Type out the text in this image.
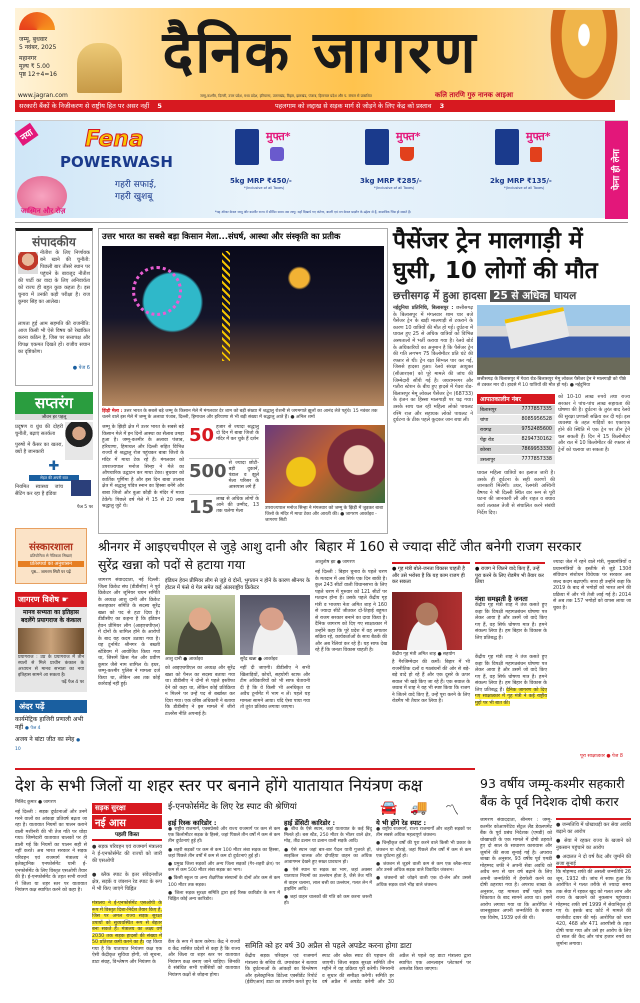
जम्मू, बुधवार
5 नवंबर, 2025
महानगर
मूल्य ₹ 5.00
पृष्ठ 12+4=16
www.jagran.com
दैनिक जागरण
जम्मू-कश्मीर, दिल्ली, उत्तर प्रदेश, मध्य प्रदेश, हरियाणा, उत्तराखंड, बिहार, झारखंड, पंजाब, हिमाचल प्रदेश और प. बंगाल से प्रकाशित	कलि तारणि गुरु नानक आइआ
सरकारी बैंकों के निजीकरण से राष्ट्रीय हित पर असर नहीं 5	पहलगाम को लद्दाख से सड़क मार्ग से जोड़ने के लिए केंद्र को प्रस्ताव 3
नया Fena
POWERWASH
जास्मिन और रोज़
गहरी सफाई,
गहरी खुशबू
मुफ्त*
5kg MRP ₹450/-
*(Inclusive of all Taxes)
मुफ्त*
3kg MRP ₹285/-
*(Inclusive of all Taxes)
मुफ्त*
2kg MRP ₹135/-
*(Inclusive of all Taxes)
*यह ऑफर केवल जम्मू और कश्मीर राज्य में सीमित समय तक लागू। यहाँ दिखाये गए कंटेनर, बाल्टी एवं मग केवल प्रदर्शन के उद्देश्य से हैं, वास्तविक भिन्न हो सकते हैं।
फेना ही लेना
संपादकीय
नीतीश के लिए निर्णायक बने खाने की चुनौती: पिछली बार तीसरे स्थान पर पहुंचने के बावजूद नीतीश की पार्टी का वादा के लिए अनिवार्यता को राज्य ही बहुत कुछ कहता है। इस चुनाव में उनकी कड़ी परीक्षा है। राज कुमार सिंह का आलेख।
लापता हुई आम सहमति की राजनीति: आज किसी भी ऐसे विषय को रेखांकित करना कठिन है, जिस पर सत्तापक्ष और विपक्ष एकमत दिखते हों। राजीव सचान का दृष्टिकोण।
● पेज 6
सप्तरंग
जीवन हर पहलू
प्रदूषण व धुंध की दोहरी चुनौती, बढ़ाएं सतर्कता
पुरुषों में कैंसर का खतरा, क्यों है जानकारी
✚
सेहत की अपनी बात
नियमित स्वास्थ्य जांच सैटिंग कर रहा है इंडिया
पेज 5 पर
संस्कारशाला
प्रतियोगिता से नैतिकता सिखाएं
प्रतिस्पर्धा का अनुशासन
पृष्ठ... जागरण सिटी पर पढ़ें
जागरण विशेष ☛
मानव सभ्यता का इतिहास बदलेंगे प्रयागराज के कंकाल
प्रयागराज : उप्र के प्रयागराज में तीन स्थलों से मिले प्राचीन कंकाल के अध्ययन से मानव सभ्यता का नया इतिहास सामने आ सकता है।
पढ़ें पेज 4 पर
अंदर पढ़ें
कार्यमेट्रिक हाजिरी प्रणाली अभी नहीं ● पेज 4
अजय ने बांटा जीत का स्नेह ● 10
उत्तर भारत का सबसे बड़ा किसान मेला...संघर्ष, आस्था और संस्कृति का प्रतीक
झिड़ी मेला : उत्तर भारत के सबसे बड़े जम्मू के किसान मेले में मंगलवार देर शाम को बड़ी संख्या में श्रद्धालु रोशनी से जगमगाते झूलों का आनंद लेते पहुंचे। 15 नवंबर तक चलने वाले इस मेले में जम्मू के अलावा पंजाब, दिल्ली, हिमाचल और हरियाणा से भी बड़ी संख्या में श्रद्धालु आते हैं। ● अनिल शर्मा
जम्मू के झिड़ी क्षेत्र में उत्तर भारत के सबसे बड़े किसान मेले में इन दिनों आस्था का सैलाब उमड़ा हुआ है। जम्मू-कश्मीर के अलावा पंजाब, हरियाणा, हिमाचल और दिल्ली सहित विभिन्न राज्यों से श्रद्धालु रोज पहुंचकर बाबा जित्तो के मंदिर में माथा टेक रहे हैं। मंगलवार को उपराज्यपाल मनोज सिन्हा ने मेले का औपचारिक उद्घाटन कर माथा टेका। बुधवार को कार्तिक पूर्णिमा है और इस दिन बाबा तालाब क्षेत्र में श्रद्धालु पवित्र स्नान का हिस्सा बनेंगे और बाबा जित्तो और बुआ कौड़ी के मंदिर में माथा टेकेंगे। पिछले वर्ष मेले में 15 से 20 लाख श्रद्धालु जुटे थे।
50 हजार से ज्यादा श्रद्धालु दो दिन में बाबा जित्तो के मंदिर में कर चुके हैं दर्शन
500 से ज्यादा छोटी-बड़ी दुकानें, पंडाल व झूले मेला परिसर के आसपास लगे हैं
15 लाख से अधिक लोगों के आने की उम्मीद, 13 तक चलेगा मेला
उपराज्यपाल मनोज सिन्हा ने मंगलवार को जम्मू के झिड़ी में जुड़कर बाबा जित्तो के मंदिर में माथा टेका और आरती की। ● जागरण आर्काइव - जागरण सिटी
पैसेंजर ट्रेन मालगाड़ी में घुसी, 10 लोगों की मौत
छत्तीसगढ़ में हुआ हादसा 25 से अधिक घायल
नईदुनिया प्रतिनिधि, बिलासपुर : छत्तीसगढ़ के बिलासपुर में मंगलवार शाम चार बजे पैसेंजर ट्रेन के खड़ी मालगाड़ी से टकराने के कारण 10 यात्रियों की मौत हो गई। दुर्घटना में घायल हुए 25 से अधिक यात्रियों को विभिन्न अस्पतालों में भर्ती कराया गया है। रेलवे बोर्ड के अधिकारियों का अनुमान है कि पैसेंजर ट्रेन की गति लगभग 75 किलोमीटर प्रति घंटे की रफ्तार से थी। ट्रेन रक्षा सिग्नल पार कर गई, जिससे हादसा हुआ। रेलवे संरक्षा आयुक्त (सीआरएस) को पूरे मामले की जांच की जिम्मेदारी सौंपी गई है। जयरामनगर और गतौरा स्टेशन के बीच हुए हादसे में गेवरा रोड-बिलासपुर मेमू लोकल पैसेंजर ट्रेन (68733) के इंजन का हिस्सा मालगाड़ी पर चढ़ गया। उसके साथ चल रही महिला लोको पायलट रश्मि राज और सहायक लोको पायलट ने दुर्घटना के ठीक पहले कूदकर जान बचा ली।
छत्तीसगढ़ के बिलासपुर में गेवरा रोड-बिलासपुर मेमू लोकल पैसेंजर ट्रेन ने मालगाड़ी को पीछे से टक्कर मार दी। हादसे में 10 यात्रियों की मौत हो गई। ● नईदुनिया
आपातकालीन नंबर
बिलासपुर	7777857335
चांपा	8085956528
रायगढ़	9752485600
पेंड्रा रोड	8294730162
कोरबा	7869953330
उसलापुर	7777857338
घायल महिला यात्रियों का इलाज जारी है। उसके ही दुर्घटना के सही कारणों की जानकारी मिलेगी। उधर, रेलमंत्री अश्विनी वैष्णव ने भी दिल्ली स्थित वार रूम से पूरी घटना की जानकारी ली और राहत व बचाव कार्य तत्काल तेजी से संचालित करने संबंधी निर्देश दिए।
को 10-10 लाख रुपये तथा राज्य सरकार ने पांच-पांच लाख सहायता की घोषणा की है। दुर्घटना के तुरंत बाद रेलवे की सुरक्षा प्रणाली सक्रिय कर दी गई। इस व्यवस्था के तहत गाड़ियों का एकाएक होने की स्थिति में एक ट्रेन पर तीन ट्रेनें चल सकती हैं। दिन में 15 किलोमीटर और रात में 10 किलोमीटर की रफ्तार से ट्रेनों को चलाया जा सकता है।
श्रीनगर में आइएचपीएल से जुड़े आशु दानी और सुरेंद्र खन्ना को पदों से हटाया गया
जागरण संवाददाता, नई दिल्ली: जिला क्रिकेट संघ (डीडीसीए) ने पूर्व क्रिकेटर और जूनियर चयन समिति के अध्यक्ष आशु दानी और क्रिकेट सलाहकार समिति के सदस्य सुरेंद्र खन्ना को पद से हटा दिया है। डीडीसीए का कहना है कि इंडियन हेवन प्रीमियर लीग (आइएचपीएल) में दोनों के शामिल होने के आरोपों के बाद यह कदम उठाया गया है। यह टूर्नामेंट श्रीनगर के बख्शी स्टेडियम में आयोजित किया गया था, जिसमें क्रिस गेल और प्रवीण कुमार जैसे नाम शामिल थे। इधर, जम्मू-कश्मीर पुलिस ने मामला दर्ज किया था, लेकिन अब तक कोई कार्रवाई नहीं हुई।
इंडियन हेवन प्रीमियर लीग से जुड़े थे दोनों, भुगतान न होने के कारण श्रीनगर के होटल में फंसे थे गेल समेत कई अंतरराष्ट्रीय क्रिकेटर
आशु दानी ● आर्काइव	सुरेंद्र खन्ना ● आर्काइव
को आइएचपीएल का अध्यक्ष और सुरेंद्र खन्ना को पैनल का सदस्य बताया गया था। डीडीसीए ने दोनों से पहले इस्तीफा देने को कहा था, लेकिन कोई प्रतिक्रिया न मिलने पर उन्हें पद से बर्खास्त कर दिया गया। एक वरिष्ठ अधिकारी ने बताया कि डीडीसीए ने इस मामले में जीरो टालरेंस नीति अपनाई है।
नहीं दी जाएगी। डीडीसीए ने सभी खिलाड़ियों, कोचों, सहयोगी स्टाफ और टीम अधिकारियों को भी साफ चेतावनी दी है कि वे किसी भी अनधिकृत या अवैध टूर्नामेंट में भाग न लें। पहले यह मामला सामने आया। यदि ऐसा पाया गया तो तुरंत प्रतिबंध लगाया जाएगा।
बिहार में 160 से ज्यादा सीटें जीत बनेगी राजग सरकार
आशुतोष झा ● जागरण
नई दिल्ली : बिहार चुनाव के पहले चरण के मतदान में अब सिर्फ एक दिन बाकी है। कुल 243 सीटों वाली विधानसभा के लिए पहले चरण में गुरुवार को 121 सीटों पर मतदान होना है। उसके पहले केंद्रीय गृह मंत्री व भाजपा नेता अमित शाह ने 160 से ज्यादा सीटें जीतकर दो-तिहाई बहुमत से राजग सरकार बनाने का दावा किया है। दैनिक जागरण को दिए गए साक्षात्कार में उन्होंने कहा कि पूरे प्रदेश में वह लगातार सक्रिय रहे, कार्यकर्ताओं के साथ बैठकें की और अब रैलियां कर रहे हैं। यह साफ देख रहे हैं कि जनता विकास चाहती है।
● गृह मंत्री बोले-जनता विकास चाहती है और उसे भरोसा है कि यह काम राजग ही कर सकता
● राजग ने जितने वादे किए हैं, उन्हें पूरा करने के लिए रोडमैप भी तैयार कर लिया
केंद्रीय गृह मंत्री अमित शाह ● सहयोग
मंशा समझती है जनता
केंद्रीय गृह मंत्री शाह ने तंज कसते हुए कहा कि विपक्षी महागठबंधन घोषणा पत्र लेकर आया है और उसमें जो वादे किए गए हैं, वह सिर्फ घोषणा मात्र है। हमने संकल्प लिया है। हम बिहार के विकास के लिए प्रतिबद्ध हैं।
है गैरजिम्मेदार की कर्मों। बिहार में भी राजनीतिक दलों व गठबंधनों की ओर से बड़े-बड़े वादे हो रहे हैं और एक दूसरे के ऊपर सवाल भी खड़े किए जा रहे हैं। एक सवाल के जवाब में शाह ने यह भी स्पष्ट किया कि राजग ने जितने वादे किए हैं, उन्हें पूरा करने के लिए रोडमैप भी तैयार कर लिया है।
केंद्रीय गृह मंत्री शाह ने तंज कसते हुए कहा कि विपक्षी महागठबंधन घोषणा पत्र लेकर आया है और उसमें जो वादे किए गए हैं, वह सिर्फ घोषणा मात्र है। हमने संकल्प लिया है। हम बिहार के विकास के लिए प्रतिबद्ध हैं। दैनिक जागरण को दिए गए साक्षात्कार में गृह मंत्री ने कई राष्ट्रीय मुद्दों पर भी बात की।
ज्यादा जेल में रहने वाले मंत्री, मुख्यमंत्रियों व प्रधानमंत्रियों के इस्तीफे से जुड़े 130वें संविधान संशोधन विधेयक पर सरकार अब जल्द कदम बढ़ाएगी। साथ ही उन्होंने कहा कि 2019 के बाद से भगोड़ों को भारत लाने की प्रक्रिया में और भी तेजी लाई गई है। 2014 से अब तक 157 भगोड़ों को वापस लाया जा चुका है।
पूरा साक्षात्कार ● पेज 8
देश के सभी जिलों या शहर स्तर पर बनाने होंगे यातायात नियंत्रण कक्ष
मिलिंद कुमार ● जागरण
नई दिल्ली : सड़क दुर्घटनाओं और उनमें मरने वालों का आंकड़ा प्रतिवर्ष बढ़ता जा रहा है। यातायात नियमों का पालन कराने वाली मशीनरी की भी तेज गति पर थोड़ा गया। जिम्मेदारी यातायात चालकों पर ही डाली गई कि नियमों का पालन सही से नहीं करते। अब भारत सरकार ने सड़क परिवहन एवं राजमार्ग मंत्रालय ने इलेक्ट्रानिक एनफोर्समेंट यानी ई-एनफोर्समेंट के लिए विस्तृत एसओपी तैयार की है। ई-एनफोर्समेंट के तहत सभी राज्यों में जिला या शहर स्तर पर यातायात नियंत्रण कक्ष स्थापित करने को कहा है।
सड़क सुरक्षा
नई आस
पहली किस्त
● सड़क परिवहन एवं राजमार्ग मंत्रालय ने ई-एनफोर्समेंट की राज्यों को जारी की एसओपी
● ब्लैक स्पाट के इतर संवेदनशील क्षेत्र, सड़कें व जंक्शन रेड स्पाट के रूप में भी किए जाएंगे चिह्नित
मंत्रालय ने ई-एनफोर्समेंट एसओपी के रूप में विस्तृत दिशा-निर्देश तैयार किए हैं, जिस पर अमल राज्य सड़क सुरक्षा उपायों को सुव्यवस्थित रूप से बेहतर बना सकते हैं। मंत्रालय का लक्ष्य वर्ष 2030 तक सड़क हादसों की संख्या में 50 प्रतिशत कमी करने का है। यह किया गया है कि यातायात नियंत्रण कक्ष एक ऐसी केंद्रीकृत सुविधा होगी, जो सूचना, डाटा संग्रह, विश्लेषण और नियंत्रण के
ई-एनफोर्समेंट के लिए रेड स्पाट की श्रेणियां	🚘 🚚 〽
हाई रिस्क कारिडोर :
● राष्ट्रीय राजमार्ग, एक्सप्रेसवे और राज्य राजमार्ग पर कम से कम एक किलोमीटर सड़क के हिस्से, जहां पिछले तीन वर्षों में कम से कम तीन दुर्घटनाएं हुई हों।
● शहरी सड़कों पर कम से कम 100 मीटर लंबा सड़क का हिस्सा, जहां पिछले तीन वर्षों में कम से कम दो दुर्घटनाएं हुई हों।
● प्रमुख जिला सड़कों और अन्य जिला सड़कों (गैर-शहरी क्षेत्र) पर कम से कम 500 मीटर लंबा सड़क का भाग।
● किसी स्कूल या अन्य शैक्षणिक संस्थानों के दोनों ओर कम से कम 100 मीटर तक सड़क।
● जिला सड़क सुरक्षा समिति द्वारा हाई रिस्क कारिडोर के रूप में चिह्नित कोई अन्य कारिडोर।
हाई डेंसिटी कारिडोर :
● बीच के ऐसे स्थान, जहां यातायात के कई बिंदु मिलते हों। बस स्टैंड, 250 मीटर के भीतर वाले क्षेत्र, मोड़, तीव्र ढलान या ढलान वाली सड़कें आदि।
● ऐसे स्थान जहां बार-बार पैदल यात्री गुजरते हों, साइकिल चालक और दोपहिया वाहन का अधिक आवागमन देखने हुए सख्त प्रावधान हो।
● ऐसे स्थान या सड़क का भाग, जहां अक्सर यातायात नियमों का उल्लंघन होता है, जैसे तेज गति से वाहन चलाना, लाल बत्ती का उल्लंघन, गलत लेन में ड्राइविंग आदि।
● जहां वाहन चालकों की गति को कम करना जरूरी हो।
ये भी होंगे रेड स्पाट :
● राष्ट्रीय राजमार्ग, राज्य राजमार्गों और शहरी सड़कों पर तीन सबसे अधिक महत्वपूर्ण जंक्शन।
● चिन्हीकृत वर्षों की पूरा करने वाले किसी भी प्रकार के जंक्शन या चौराहे, जहां पिछले तीन वर्षों में कम से कम एक दुर्घटना हुई हो।
● जंक्शन से जुड़ने वाली कम से कम एक ब्लैक-स्पाट और उनसे अधिक सड़क वाले विवादित जंक्शन।
● जंक्शनों को जोड़ने वाली एक दो-लेन और उससे अधिक सड़क वाले भीड़ वाले जंक्शन।
कैंप के रूप में काम करेगा। केंद्र ने राज्यों व केंद्र शासित प्रदेशों से कहा है कि राज्य और जिला या शहर स्तर पर यातायात नियंत्रण कक्ष बनाए जाने चाहिए। जिनकी वे संबंधित सभी एजेंसियों को यातायात नियंत्रण कक्षों से जोड़ना होगा।
समिति को हर वर्ष 30 अप्रैल से पहले अपडेट करना होगा डाटा
केंद्रीय सड़क परिवहन एवं राजमार्ग मंत्रालय के सचिव वी. उमाशंकर ने बताया कि दुर्घटनाओं के आंकड़ों का विश्लेषण और इलेक्ट्रानिक डिटेल्ड एक्सीडेंट रिपोर्ट (ईडीएआर) डाटा का उपयोग करते हुए रेड स्पाट और ब्लैक स्पाट की पहचान की जाएगी। जिला सड़क सुरक्षा समिति तीन महीने में यह प्रक्रिया पूरी करेगी। निगरानी व सुधार की समीक्षा करेगी। समिति हर वर्ष अप्रैल में अपडेट करेगी और 30 अप्रैल से पहले यह डाटा मंत्रालय द्वारा स्थापित एक आनलाइन प्लेटफार्म पर अपलोड किया जाएगा।
93 वर्षीय जम्मू-कश्मीर सहकारी बैंक के पूर्व निदेशक दोषी करार
जागरण संवाददाता, श्रीनगर : जम्मू-कश्मीर कोआपरेटिव सेंट्रल लैंड डेवलपमेंट बैंक के पूर्व प्रबंध निदेशक (एमडी) को धोखाधड़ी के एक मामले में दोषी ठहराते हुए दो साल के साधारण कारावास और जुर्माने की सजा सुनाई गई है। अपराध शाखा के अनुसार, 93 वर्षीय पूर्व एमडी मोहम्मद शफी ने अपनी सेवा अवधि को अवैध रूप से चार वर्ष बढ़ाने के लिए अपनी जन्मतिथि में हेराफेरी करने का दोषी ठहराया गया है। अपराध शाखा के अनुसार, यह मामला वर्षों पहले एक शिकायत के बाद सामने आया था। इसमें आरोप लगाया गया था कि आरोपित ने जानबूझकर अपनी जन्मतिथि के बजाय एक विशेष, 1939 दर्ज की थी।
● जन्मतिथि में धोखाधड़ी कर सेवा अवधि बढ़ाने का आरोप
● सेवा में रहकर राज्य के खजाने को नुकसान पहुंचाने का आरोप
● अदालत ने दो वर्ष कैद और जुर्माने की सजा सुनाई
कि मोहम्मद शफी की असली जन्मतिथि 26 जून, 1932 थी। जांच में साफ हुआ कि आरोपित ने गलत तरीके से ज्यादा समय तक सेवा में रहकर खुद को गलत लाभ और राज्य के खजाने को नुकसान पहुंचाया। मोहम्मद शफी वर्ष 1999 में सेवानिवृत्त हो गए थे। इसके बाद कोर्ट में मामले की चार्जशीट दायर की गई। आरोपित को धारा 420, 468 और 471 आरपीसी के तहत दोषी पाया गया और उसे हर आरोप के लिए दो साल की कैद और पांच हजार रुपये का जुर्माना लगाया।
